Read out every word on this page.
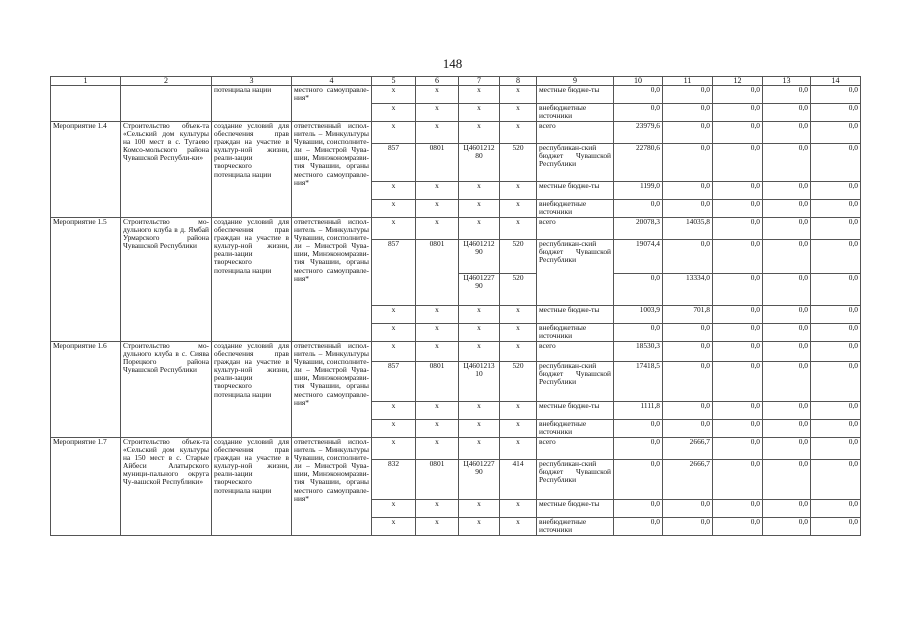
148
1	2	3	4	5	6	7	8	9	10	11	12	13	14
		потенциала нации	местного самоуправле-ния*	х	х	х	х	местные бюдже-ты	0,0	0,0	0,0	0,0	0,0
				х	х	х	х	внебюджетные источники	0,0	0,0	0,0	0,0	0,0
Мероприятие 1.4	Строительство объек-та «Сельский дом культуры на 100 мест в с. Тугаево Комсо-мольского района Чувашской Республи-ки»	создание условий для обеспечения прав граждан на участие в культур-ной жизни, реали-зации творческого потенциала нации	ответственный испол-нитель – Минкультуры Чувашии, соисполните-ли – Минстрой Чува-шии, Минэкономразви-тия Чувашии, органы местного самоуправле-ния*	х	х	х	х	всего	23979,6	0,0	0,0	0,0	0,0
				857	0801	Ц4601212 80	520	республикан-ский бюджет Чувашской Республики	22780,6	0,0	0,0	0,0	0,0
				х	х	х	х	местные бюдже-ты	1199,0	0,0	0,0	0,0	0,0
				х	х	х	х	внебюджетные источники	0,0	0,0	0,0	0,0	0,0
Мероприятие 1.5	Строительство мо-дульного клуба в д. Ямбай Урмарского района Чувашской Республики	создание условий для обеспечения прав граждан на участие в культур-ной жизни, реали-зации творческого потенциала нации	ответственный испол-нитель – Минкультуры Чувашии, соисполните-ли – Минстрой Чува-шии, Минэкономразви-тия Чувашии, органы местного самоуправле-ния*	х	х	х	х	всего	20078,3	14035,8	0,0	0,0	0,0
				857	0801	Ц4601212 90	520	республикан-ский бюджет Чувашской Республики	19074,4	0,0	0,0	0,0	0,0
						Ц4601227 90	520		0,0	13334,0	0,0	0,0	0,0
				х	х	х	х	местные бюдже-ты	1003,9	701,8	0,0	0,0	0,0
				х	х	х	х	внебюджетные источники	0,0	0,0	0,0	0,0	0,0
Мероприятие 1.6	Строительство мо-дульного клуба в с. Сиява Порецкого района Чувашской Республики	создание условий для обеспечения прав граждан на участие в культур-ной жизни, реали-зации творческого потенциала нации	ответственный испол-нитель – Минкультуры Чувашии, соисполните-ли – Минстрой Чува-шии, Минэкономразви-тия Чувашии, органы местного самоуправле-ния*	х	х	х	х	всего	18530,3	0,0	0,0	0,0	0,0
				857	0801	Ц4601213 10	520	республикан-ский бюджет Чувашской Республики	17418,5	0,0	0,0	0,0	0,0
				х	х	х	х	местные бюдже-ты	1111,8	0,0	0,0	0,0	0,0
				х	х	х	х	внебюджетные источники	0,0	0,0	0,0	0,0	0,0
Мероприятие 1.7	Строительство объек-та «Сельский дом культуры на 150 мест в с. Старые Айбеси Алатырского муници-пального округа Чу-вашской Республики»	создание условий для обеспечения прав граждан на участие в культур-ной жизни, реали-зации творческого потенциала нации	ответственный испол-нитель – Минкультуры Чувашии, соисполните-ли – Минстрой Чува-шии, Минэкономразви-тия Чувашии, органы местного самоуправле-ния*	х	х	х	х	всего	0,0	2666,7	0,0	0,0	0,0
				832	0801	Ц4601227 90	414	республикан-ский бюджет Чувашской Республики	0,0	2666,7	0,0	0,0	0,0
				х	х	х	х	местные бюдже-ты	0,0	0,0	0,0	0,0	0,0
				х	х	х	х	внебюджетные источники	0,0	0,0	0,0	0,0	0,0
